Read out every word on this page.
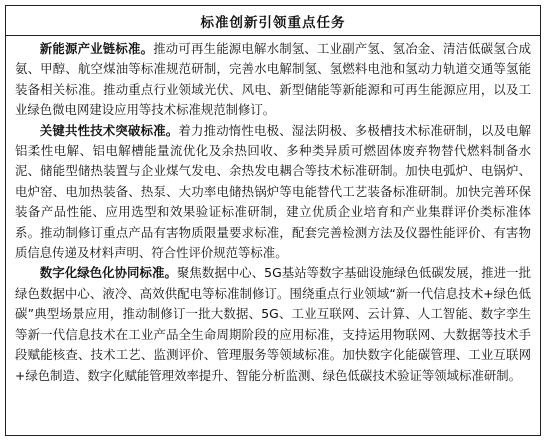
标准创新引领重点任务

新能源产业链标准。推动可再生能源电解水制氢、工业副产氢、氢冶金、清洁低碳氢合成氨、甲醇、航空煤油等标准规范研制，完善水电解制氢、氢燃料电池和氢动力轨道交通等氢能装备相关标准。推动重点行业领域光伏、风电、新型储能等新能源和可再生能源应用，以及工业绿色微电网建设应用等技术标准规范制修订。

关键共性技术突破标准。着力推动惰性电极、湿法阴极、多极槽技术标准研制，以及电解铝柔性电解、铝电解槽能量流优化及余热回收、多种类异质可燃固体废弃物替代燃料制备水泥、储能型储热装置与企业煤气发电、余热发电耦合等技术标准研制。加快电弧炉、电锅炉、电炉窑、电加热装备、热泵、大功率电储热锅炉等电能替代工艺装备标准研制。加快完善环保装备产品性能、应用选型和效果验证标准研制，建立优质企业培育和产业集群评价类标准体系。推动制修订重点产品有害物质限量要求标准，配套完善检测方法及仪器性能评价、有害物质信息传递及材料声明、符合性评价规范等标准。

数字化绿色化协同标准。聚焦数据中心、5G基站等数字基础设施绿色低碳发展，推进一批绿色数据中心、液冷、高效供配电等标准制修订。围绕重点行业领域“新一代信息技术+绿色低碳”典型场景应用，推动制修订一批大数据、5G、工业互联网、云计算、人工智能、数字孪生等新一代信息技术在工业产品全生命周期阶段的应用标准，支持运用物联网、大数据等技术手段赋能核查、技术工艺、监测评价、管理服务等领域标准。加快数字化能碳管理、工业互联网+绿色制造、数字化赋能管理效率提升、智能分析监测、绿色低碳技术验证等领域标准研制。
